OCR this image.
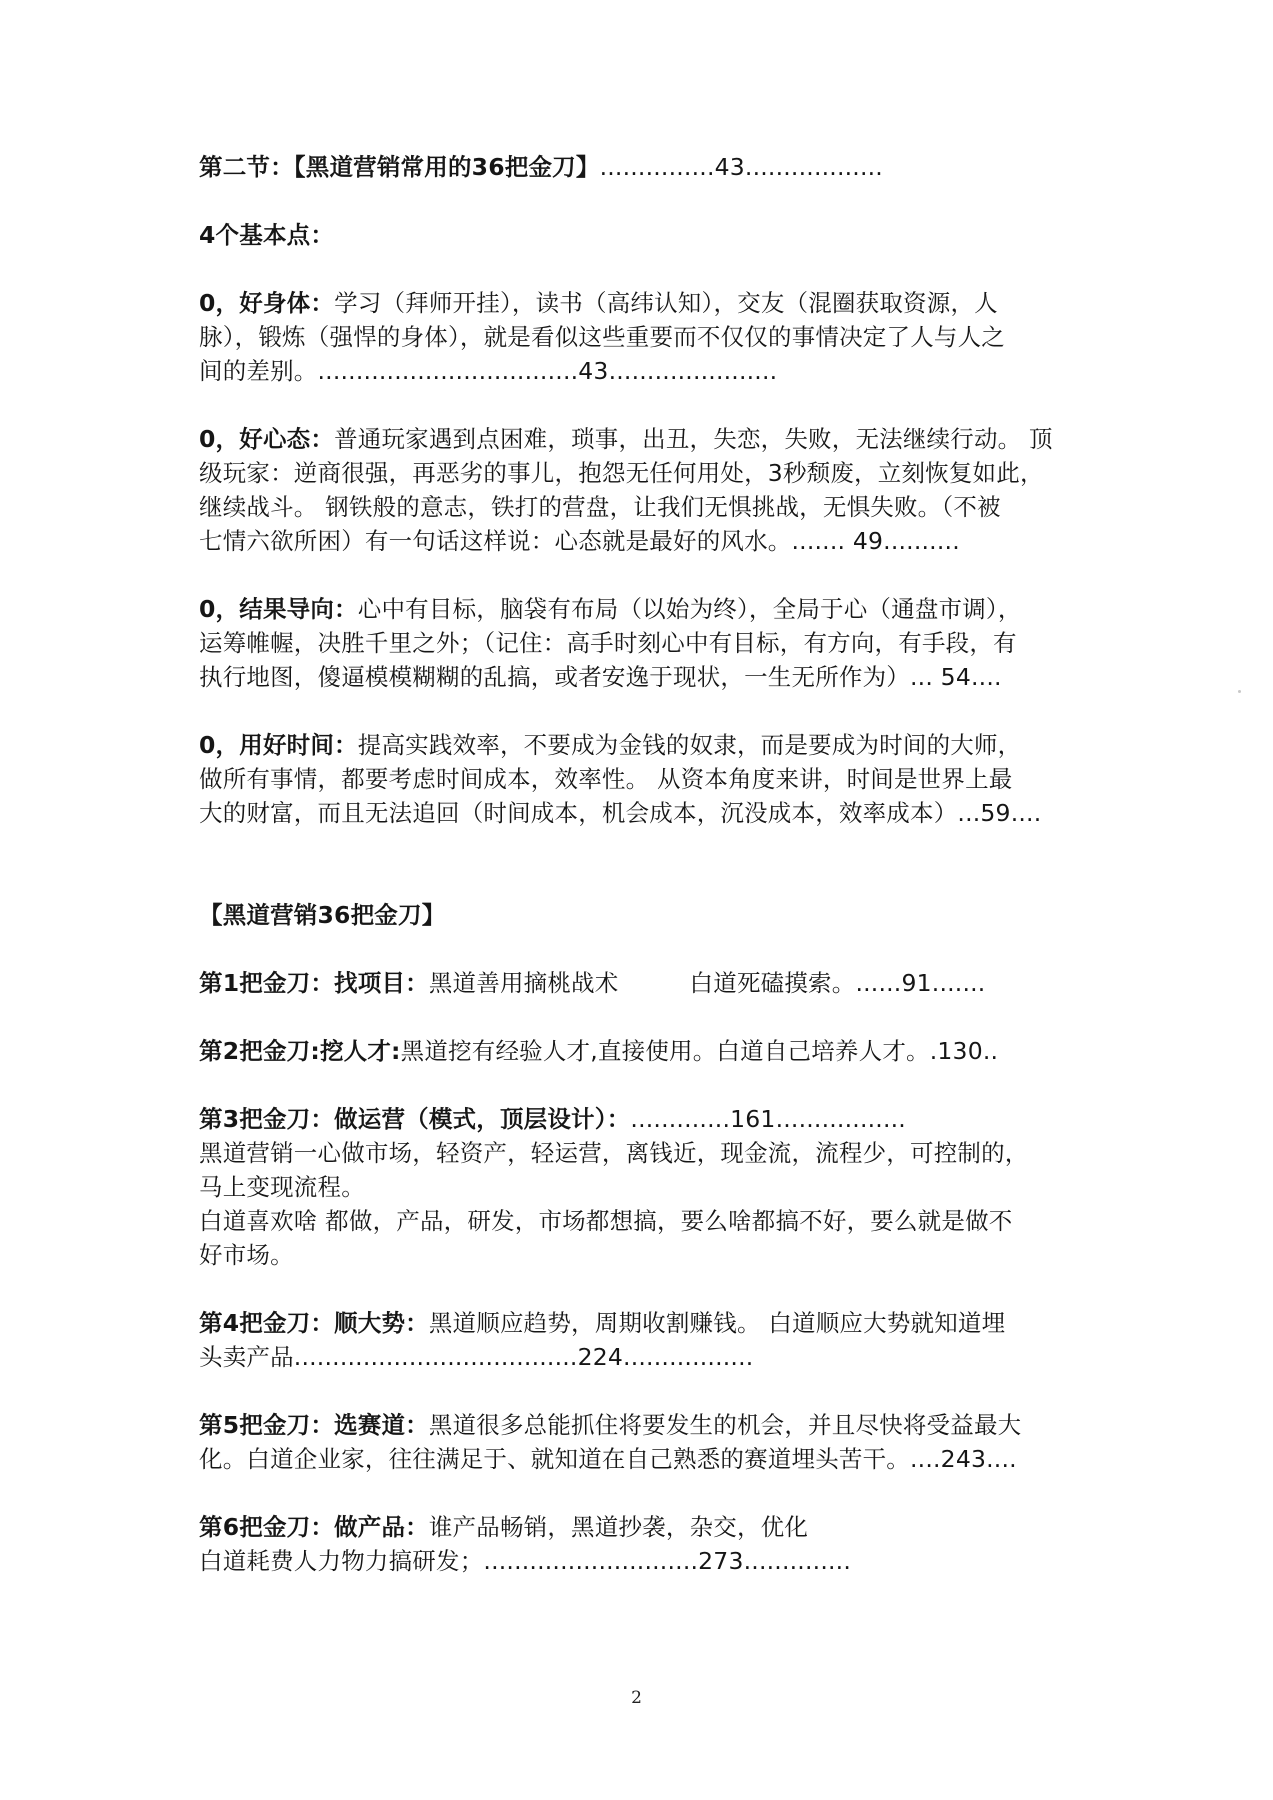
第二节：【黑道营销常用的36把金刀】...............43..................
4个基本点：
0，好身体：学习（拜师开挂），读书（高纬认知），交友（混圈获取资源，人
脉），锻炼（强悍的身体），就是看似这些重要而不仅仅的事情决定了人与人之
间的差别。..................................43......................
0，好心态：普通玩家遇到点困难，琐事，出丑，失恋，失败，无法继续行动。 顶
级玩家：逆商很强，再恶劣的事儿，抱怨无任何用处，3秒颓废，立刻恢复如此，
继续战斗。 钢铁般的意志，铁打的营盘，让我们无惧挑战，无惧失败。（不被
七情六欲所困）有一句话这样说：心态就是最好的风水。....... 49..........
0，结果导向：心中有目标，脑袋有布局（以始为终），全局于心（通盘市调），
运筹帷幄，决胜千里之外；（记住：高手时刻心中有目标，有方向，有手段，有
执行地图，傻逼模模糊糊的乱搞，或者安逸于现状，一生无所作为）... 54....
0，用好时间：提高实践效率，不要成为金钱的奴隶，而是要成为时间的大师，
做所有事情，都要考虑时间成本，效率性。 从资本角度来讲，时间是世界上最
大的财富，而且无法追回（时间成本，机会成本，沉没成本，效率成本）...59....
【黑道营销36把金刀】
第1把金刀：找项目：黑道善用摘桃战术　　　白道死磕摸索。......91.......
第2把金刀:挖人才:黑道挖有经验人才,直接使用。白道自己培养人才。.130..
第3把金刀：做运营（模式，顶层设计）：.............161.................
黑道营销一心做市场，轻资产，轻运营，离钱近，现金流，流程少，可控制的，
马上变现流程。
白道喜欢啥 都做，产品，研发，市场都想搞，要么啥都搞不好，要么就是做不
好市场。
第4把金刀：顺大势：黑道顺应趋势，周期收割赚钱。 白道顺应大势就知道埋
头卖产品.....................................224.................
第5把金刀：选赛道：黑道很多总能抓住将要发生的机会，并且尽快将受益最大
化。白道企业家，往往满足于、就知道在自己熟悉的赛道埋头苦干。....243....
第6把金刀：做产品：谁产品畅销，黑道抄袭，杂交，优化
白道耗费人力物力搞研发；............................273..............
2
